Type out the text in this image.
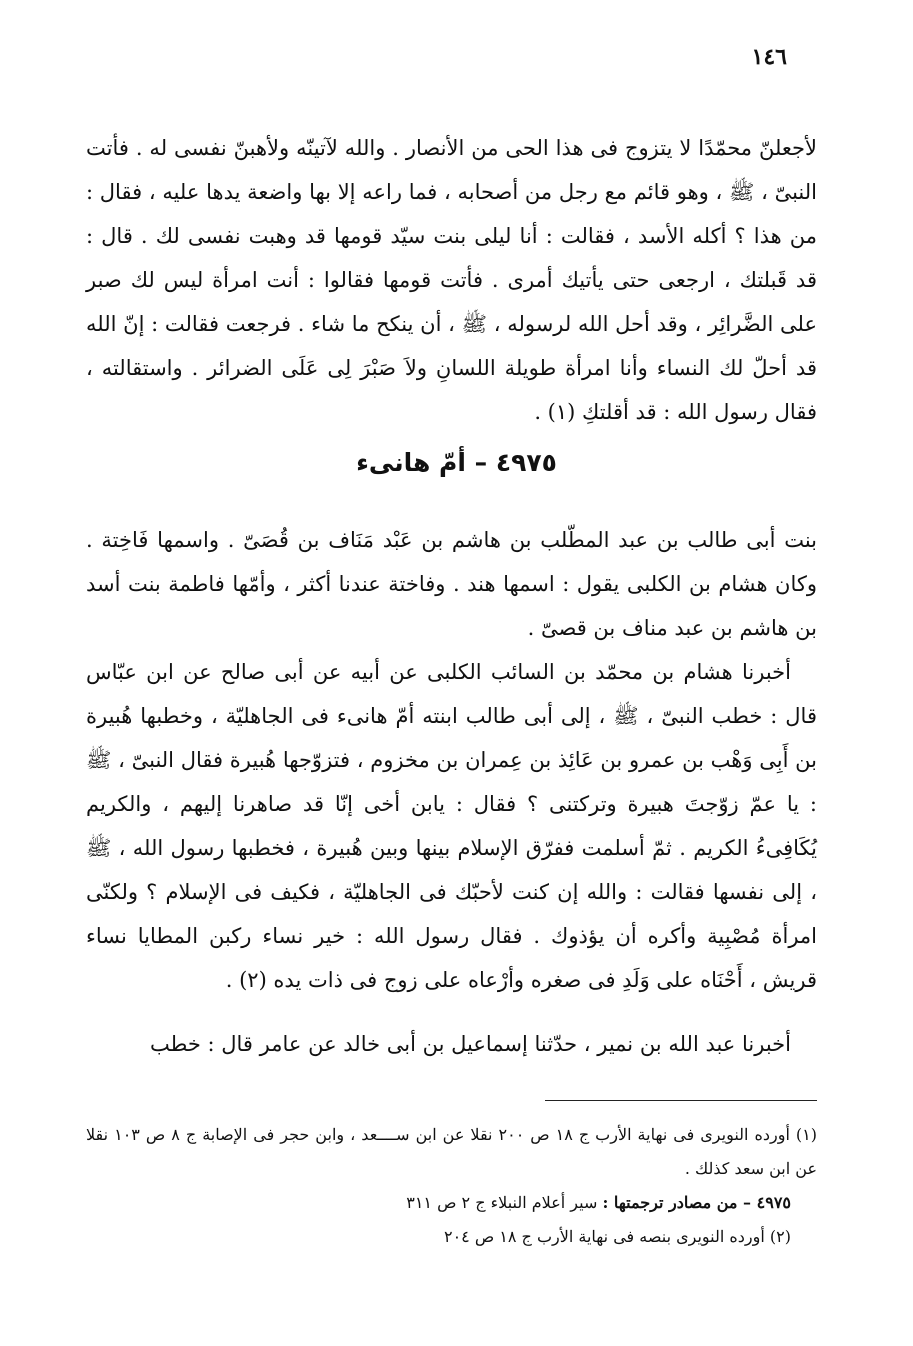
١٤٦

لأجعلنّ محمّدًا لا يتزوج فى هذا الحى من الأنصار . والله لآتينّه ولأهبنّ نفسى له . فأتت النبىّ ، ﷺ ، وهو قائم مع رجل من أصحابه ، فما راعه إلا بها واضعة يدها عليه ، فقال : من هذا ؟ أكله الأسد ، فقالت : أنا ليلى بنت سيّد قومها قد وهبت نفسى لك . قال : قد قَبلتك ، ارجعى حتى يأتيك أمرى . فأتت قومها فقالوا : أنت امرأة ليس لك صبر على الضَّرائِر ، وقد أحل الله لرسوله ، ﷺ ، أن ينكح ما شاء . فرجعت فقالت : إنّ الله قد أحلّ لك النساء وأنا امرأة طويلة اللسانِ ولاَ صَبْرَ لِى عَلَى الضرائر . واستقالته ، فقال رسول الله : قد أقلتكِ (١) .

٤٩٧٥ – أمّ هانىء

بنت أبى طالب بن عبد المطّلب بن هاشم بن عَبْد مَنَاف بن قُصَىّ . واسمها فَاخِتة . وكان هشام بن الكلبى يقول : اسمها هند . وفاختة عندنا أكثر ، وأمّها فاطمة بنت أسد بن هاشم بن عبد مناف بن قصىّ .

أخبرنا هشام بن محمّد بن السائب الكلبى عن أبيه عن أبى صالح عن ابن عبّاس قال : خطب النبىّ ، ﷺ ، إلى أبى طالب ابنته أمّ هانىء فى الجاهليّة ، وخطبها هُبيرة بن أَبِى وَهْب بن عمرو بن عَائِذ بن عِمران بن مخزوم ، فتزوّجها هُبيرة فقال النبىّ ، ﷺ : يا عمّ زوّجتَ هبيرة وتركتنى ؟ فقال : يابن أخى إنّا قد صاهرنا إليهم ، والكريم يُكَافِىءُ الكريم . ثمّ أسلمت ففرّق الإسلام بينها وبين هُبيرة ، فخطبها رسول الله ، ﷺ ، إلى نفسها فقالت : والله إن كنت لأحبّك فى الجاهليّة ، فكيف فى الإسلام ؟ ولكنّى امرأة مُصْبِية وأكره أن يؤذوك . فقال رسول الله : خير نساء ركبن المطايا نساء قريش ، أَحْنَاه على وَلَدِ فى صغره وأرْعاه على زوج فى ذات يده (٢) .

أخبرنا عبد الله بن نمير ، حدّثنا إسماعيل بن أبى خالد عن عامر قال : خطب

(١) أورده النويرى فى نهاية الأرب ج ١٨ ص ٢٠٠ نقلا عن ابن ســــعد ، وابن حجر فى الإصابة ج ٨ ص ١٠٣ نقلا عن ابن سعد كذلك .

٤٩٧٥ – من مصادر ترجمتها : سير أعلام النبلاء ج ٢ ص ٣١١

(٢) أورده النويرى بنصه فى نهاية الأرب ج ١٨ ص ٢٠٤
